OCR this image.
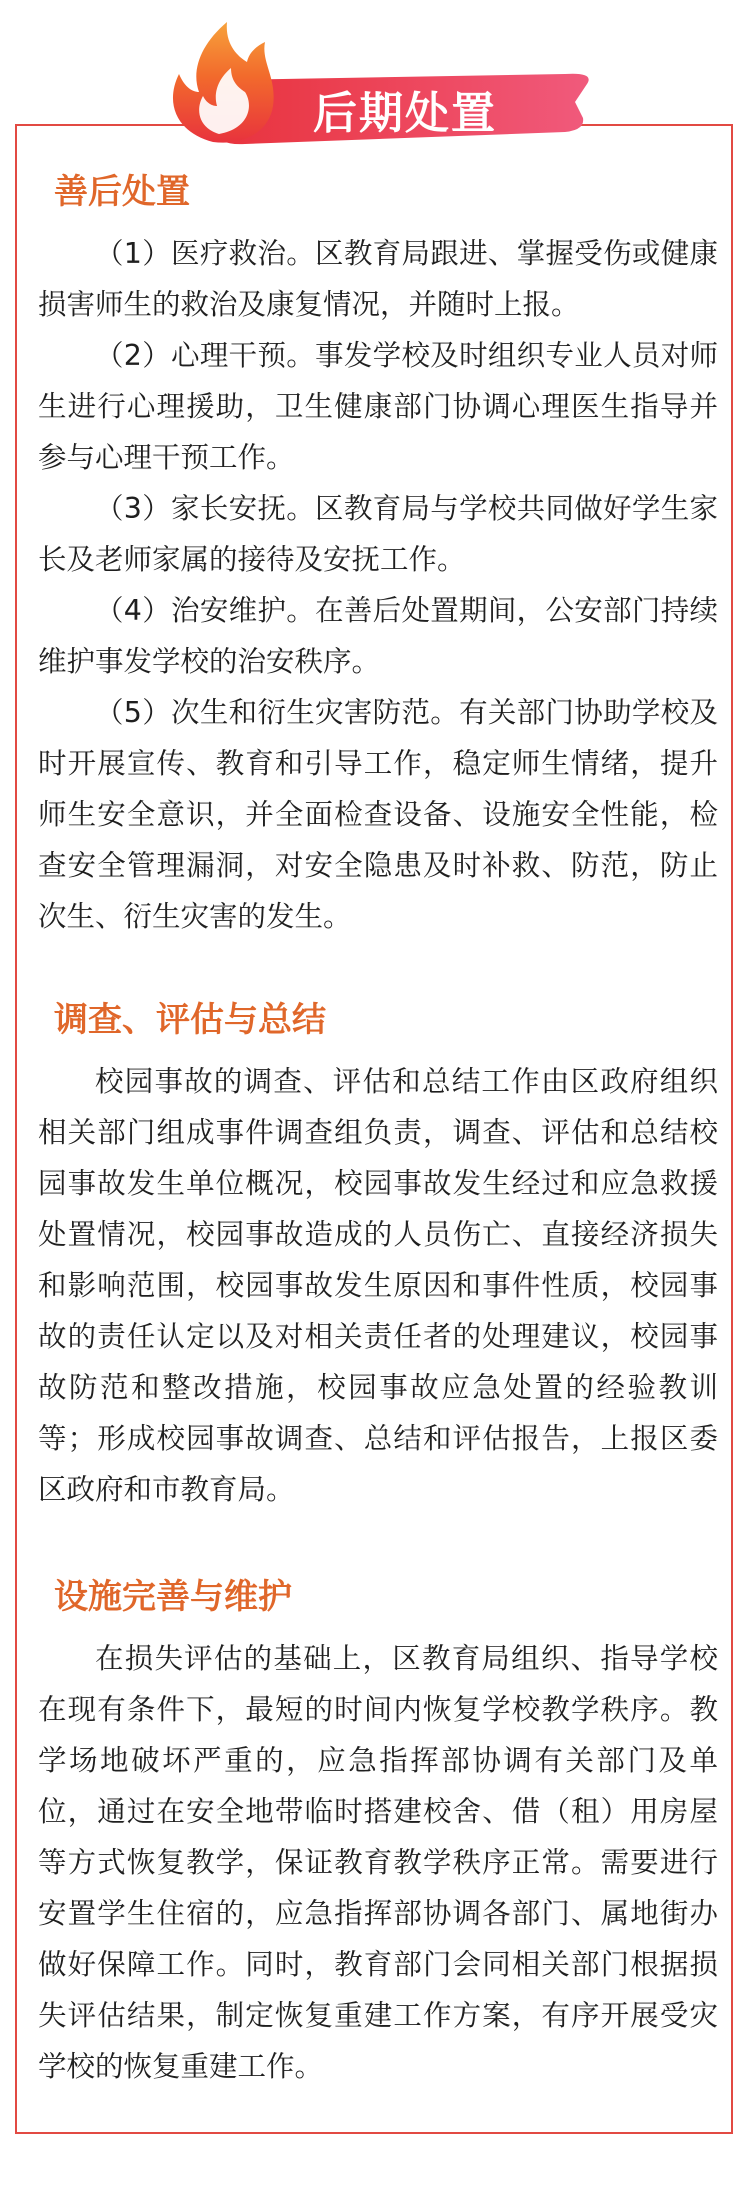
后期处置
善后处置

（1）医疗救治。区教育局跟进、掌握受伤或健康损害师生的救治及康复情况，并随时上报。

（2）心理干预。事发学校及时组织专业人员对师生进行心理援助，卫生健康部门协调心理医生指导并参与心理干预工作。

（3）家长安抚。区教育局与学校共同做好学生家长及老师家属的接待及安抚工作。

（4）治安维护。在善后处置期间，公安部门持续维护事发学校的治安秩序。

（5）次生和衍生灾害防范。有关部门协助学校及时开展宣传、教育和引导工作，稳定师生情绪，提升师生安全意识，并全面检查设备、设施安全性能，检查安全管理漏洞，对安全隐患及时补救、防范，防止次生、衍生灾害的发生。

调查、评估与总结

校园事故的调查、评估和总结工作由区政府组织相关部门组成事件调查组负责，调查、评估和总结校园事故发生单位概况，校园事故发生经过和应急救援处置情况，校园事故造成的人员伤亡、直接经济损失和影响范围，校园事故发生原因和事件性质，校园事故的责任认定以及对相关责任者的处理建议，校园事故防范和整改措施，校园事故应急处置的经验教训等；形成校园事故调查、总结和评估报告，上报区委区政府和市教育局。

设施完善与维护

在损失评估的基础上，区教育局组织、指导学校在现有条件下，最短的时间内恢复学校教学秩序。教学场地破坏严重的，应急指挥部协调有关部门及单位，通过在安全地带临时搭建校舍、借（租）用房屋等方式恢复教学，保证教育教学秩序正常。需要进行安置学生住宿的，应急指挥部协调各部门、属地街办做好保障工作。同时，教育部门会同相关部门根据损失评估结果，制定恢复重建工作方案，有序开展受灾学校的恢复重建工作。
